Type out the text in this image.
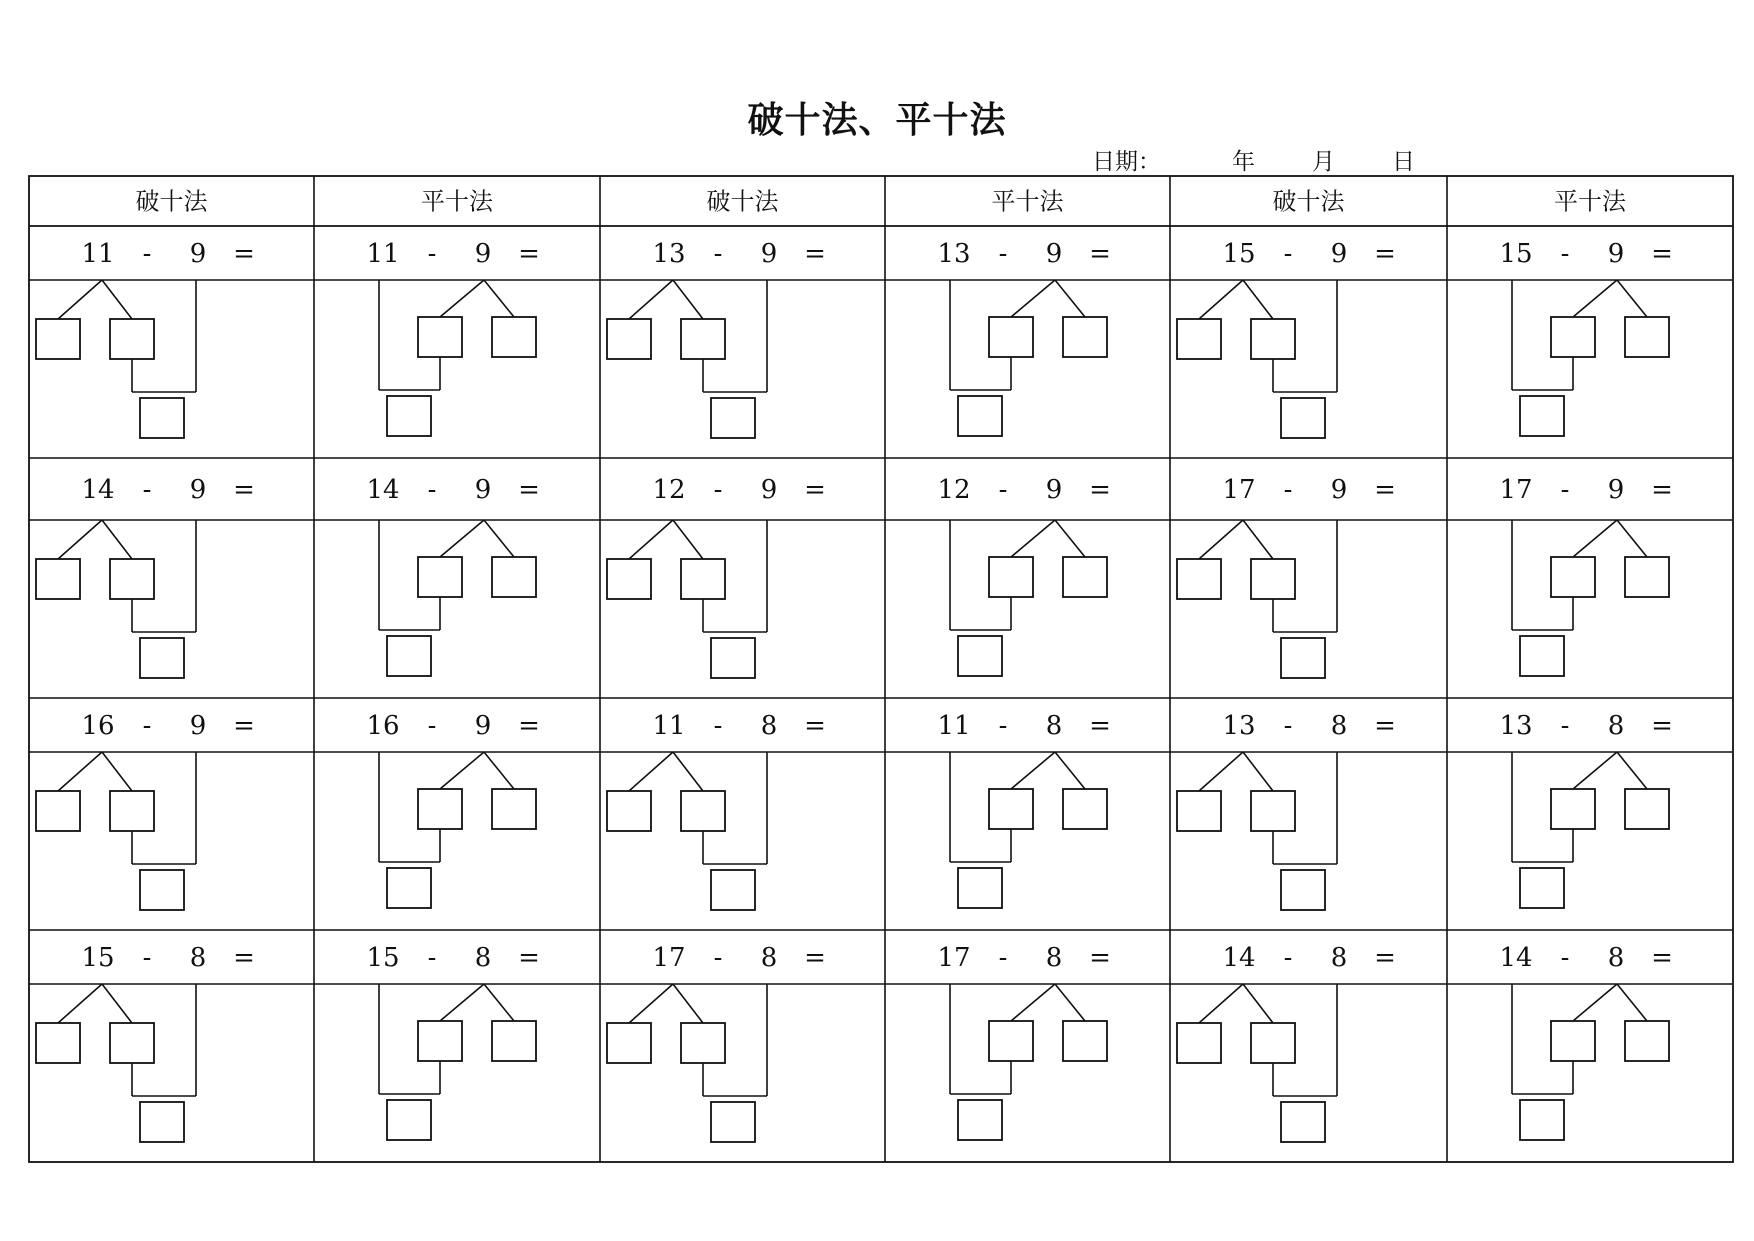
破十法、平十法
日期：	年 月 日
破十法	平十法	破十法	平十法	破十法	平十法
11 - 9 =	11 - 9 =	13 - 9 =	13 - 9 =	15 - 9 =	15 - 9 =
14 - 9 =	14 - 9 =	12 - 9 =	12 - 9 =	17 - 9 =	17 - 9 =
16 - 9 =	16 - 9 =	11 - 8 =	11 - 8 =	13 - 8 =	13 - 8 =
15 - 8 =	15 - 8 =	17 - 8 =	17 - 8 =	14 - 8 =	14 - 8 =
